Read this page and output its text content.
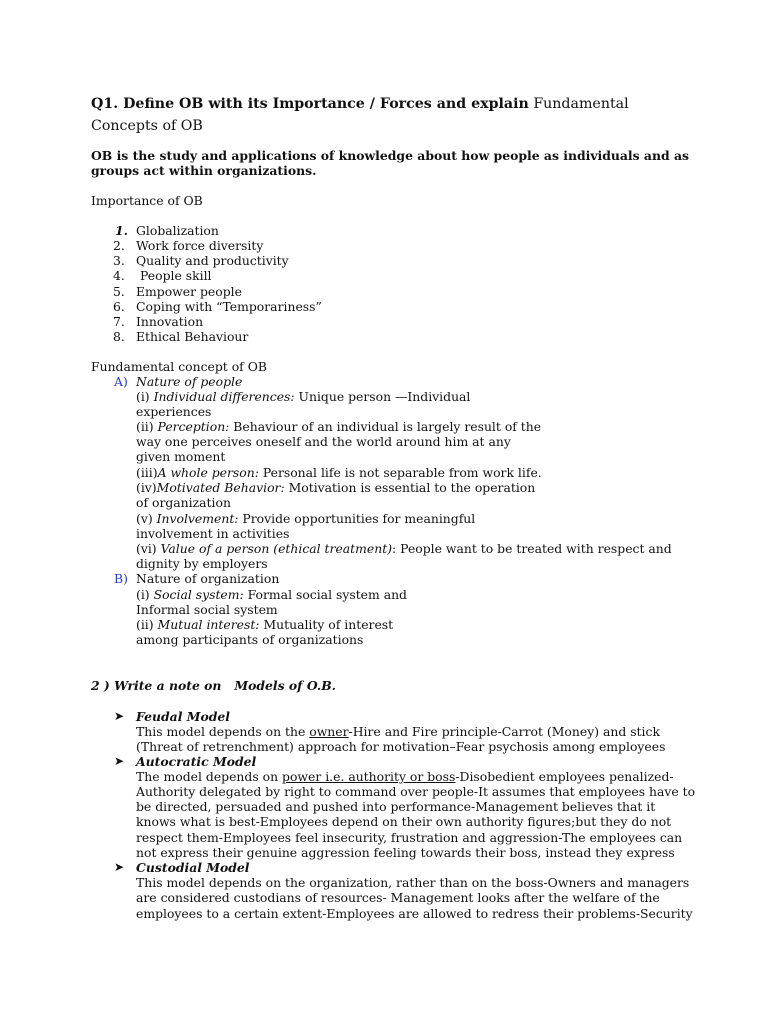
Q1. Define OB with its Importance / Forces and explain Fundamental
Concepts of OB
OB is the study and applications of knowledge about how people as individuals and as
groups act within organizations.
Importance of OB
1. Globalization
2. Work force diversity
3. Quality and productivity
4. People skill
5. Empower people
6. Coping with “Temporariness”
7. Innovation
8. Ethical Behaviour
Fundamental concept of OB
A) Nature of people
(i) Individual differences: Unique person —Individual
experiences
(ii) Perception: Behaviour of an individual is largely result of the
way one perceives oneself and the world around him at any
given moment
(iii)A whole person: Personal life is not separable from work life.
(iv)Motivated Behavior: Motivation is essential to the operation
of organization
(v) Involvement: Provide opportunities for meaningful
involvement in activities
(vi) Value of a person (ethical treatment): People want to be treated with respect and
dignity by employers
B) Nature of organization
(i) Social system: Formal social system and
Informal social system
(ii) Mutual interest: Mutuality of interest
among participants of organizations
2 ) Write a note on Models of O.B.
➤ Feudal Model
This model depends on the owner-Hire and Fire principle-Carrot (Money) and stick
(Threat of retrenchment) approach for motivation–Fear psychosis among employees
➤ Autocratic Model
The model depends on power i.e. authority or boss-Disobedient employees penalized-
Authority delegated by right to command over people-It assumes that employees have to
be directed, persuaded and pushed into performance-Management believes that it
knows what is best-Employees depend on their own authority figures;but they do not
respect them-Employees feel insecurity, frustration and aggression-The employees can
not express their genuine aggression feeling towards their boss, instead they express
➤ Custodial Model
This model depends on the organization, rather than on the boss-Owners and managers
are considered custodians of resources- Management looks after the welfare of the
employees to a certain extent-Employees are allowed to redress their problems-Security
